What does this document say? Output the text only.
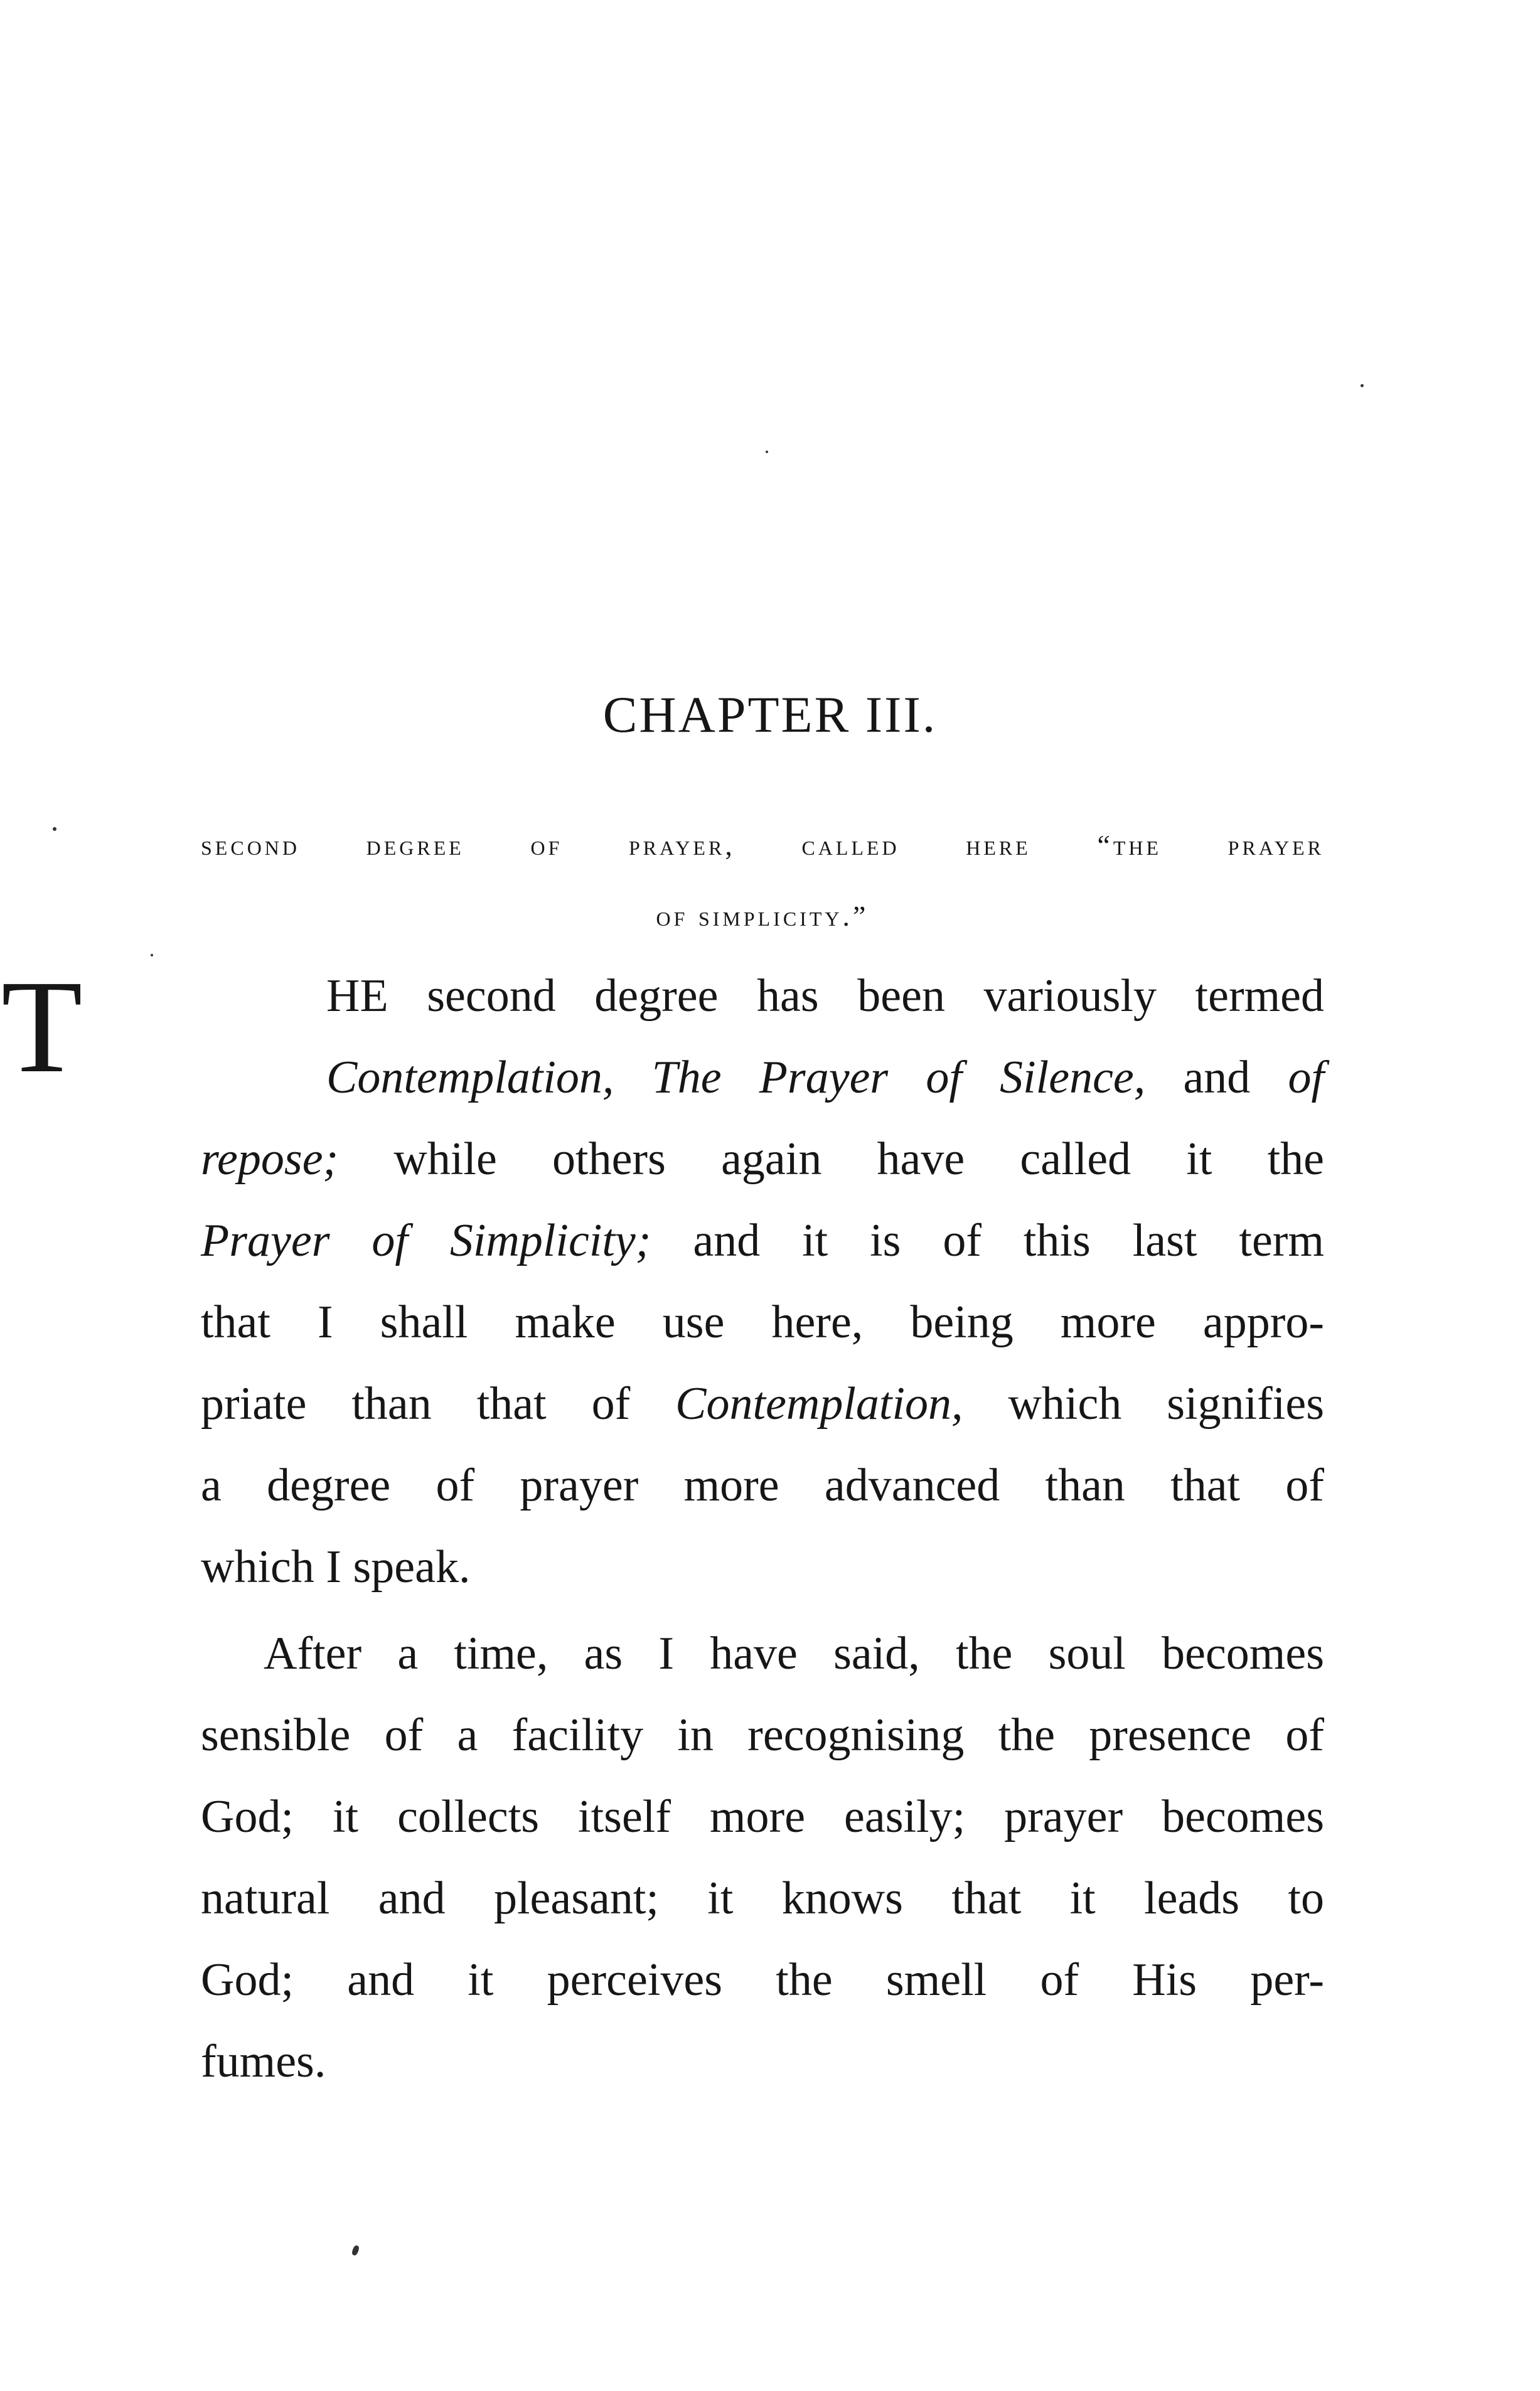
CHAPTER III.
second degree of prayer, called here “the prayer
of simplicity.”
T	HE second degree has been variously termed
Contemplation, The Prayer of Silence, and of
repose; while others again have called it the
Prayer of Simplicity; and it is of this last term
that I shall make use here, being more appro-
priate than that of Contemplation, which signifies
a degree of prayer more advanced than that of
which I speak.

After a time, as I have said, the soul becomes
sensible of a facility in recognising the presence of
God; it collects itself more easily; prayer becomes
natural and pleasant; it knows that it leads to
God; and it perceives the smell of His per-
fumes.
